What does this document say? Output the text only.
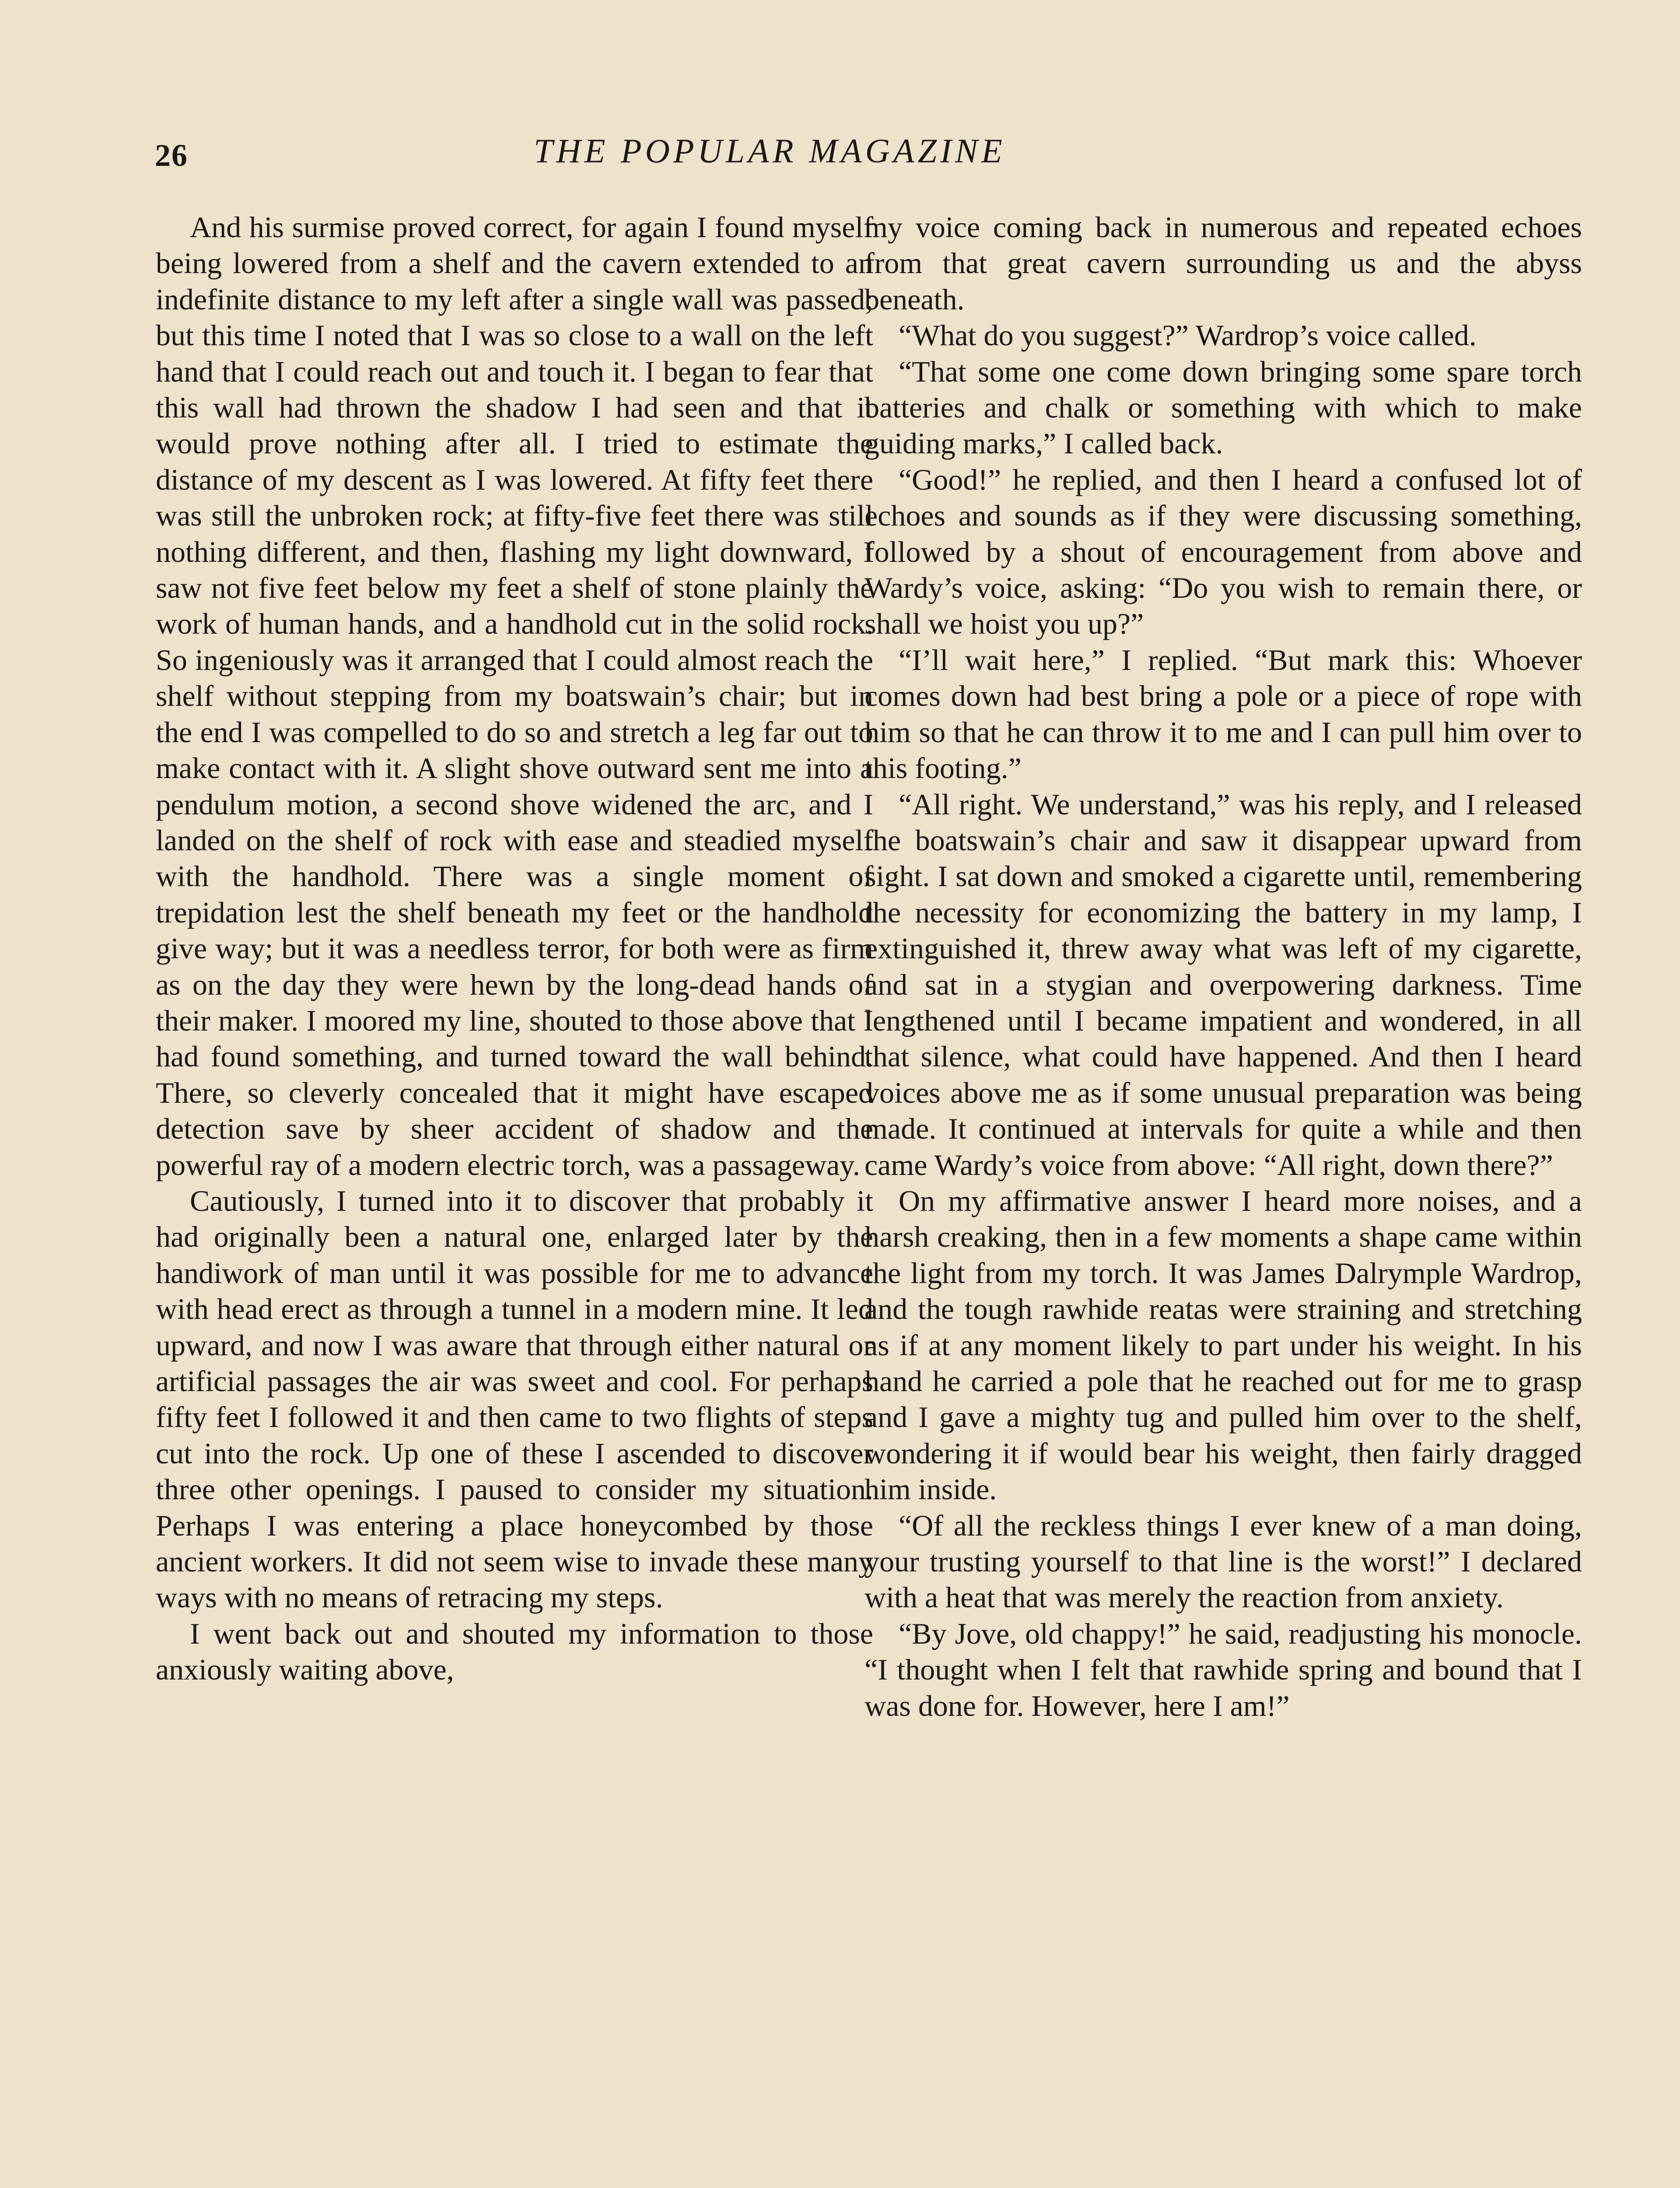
26	THE POPULAR MAGAZINE

And his surmise proved correct, for again I found myself being lowered from a shelf and the cavern extended to an indefinite distance to my left after a single wall was passed; but this time I noted that I was so close to a wall on the left hand that I could reach out and touch it. I began to fear that this wall had thrown the shadow I had seen and that it would prove nothing after all. I tried to estimate the distance of my descent as I was lowered. At fifty feet there was still the unbroken rock; at fifty-five feet there was still nothing different, and then, flashing my light downward, I saw not five feet below my feet a shelf of stone plainly the work of human hands, and a handhold cut in the solid rock. So ingeniously was it arranged that I could almost reach the shelf without stepping from my boatswain’s chair; but in the end I was compelled to do so and stretch a leg far out to make contact with it. A slight shove outward sent me into a pendulum motion, a second shove widened the arc, and I landed on the shelf of rock with ease and steadied myself with the handhold. There was a single moment of trepidation lest the shelf beneath my feet or the handhold give way; but it was a needless terror, for both were as firm as on the day they were hewn by the long-dead hands of their maker. I moored my line, shouted to those above that I had found something, and turned toward the wall behind. There, so cleverly concealed that it might have escaped detection save by sheer accident of shadow and the powerful ray of a modern electric torch, was a passageway.

Cautiously, I turned into it to discover that probably it had originally been a natural one, enlarged later by the handiwork of man until it was possible for me to advance with head erect as through a tunnel in a modern mine. It led upward, and now I was aware that through either natural or artificial passages the air was sweet and cool. For perhaps fifty feet I followed it and then came to two flights of steps cut into the rock. Up one of these I ascended to discover three other openings. I paused to consider my situation. Perhaps I was entering a place honeycombed by those ancient workers. It did not seem wise to invade these many ways with no means of retracing my steps.

I went back out and shouted my information to those anxiously waiting above,

my voice coming back in numerous and repeated echoes from that great cavern surrounding us and the abyss beneath.

“What do you suggest?” Wardrop’s voice called.

“That some one come down bringing some spare torch batteries and chalk or something with which to make guiding marks,” I called back.

“Good!” he replied, and then I heard a confused lot of echoes and sounds as if they were discussing something, followed by a shout of encouragement from above and Wardy’s voice, asking: “Do you wish to remain there, or shall we hoist you up?”

“I’ll wait here,” I replied. “But mark this: Whoever comes down had best bring a pole or a piece of rope with him so that he can throw it to me and I can pull him over to this footing.”

“All right. We understand,” was his reply, and I released the boatswain’s chair and saw it disappear upward from sight. I sat down and smoked a cigarette until, remembering the necessity for economizing the battery in my lamp, I extinguished it, threw away what was left of my cigarette, and sat in a stygian and overpowering darkness. Time lengthened until I became impatient and wondered, in all that silence, what could have happened. And then I heard voices above me as if some unusual preparation was being made. It continued at intervals for quite a while and then came Wardy’s voice from above: “All right, down there?”

On my affirmative answer I heard more noises, and a harsh creaking, then in a few moments a shape came within the light from my torch. It was James Dalrymple Wardrop, and the tough rawhide reatas were straining and stretching as if at any moment likely to part under his weight. In his hand he carried a pole that he reached out for me to grasp and I gave a mighty tug and pulled him over to the shelf, wondering it if would bear his weight, then fairly dragged him inside.

“Of all the reckless things I ever knew of a man doing, your trusting yourself to that line is the worst!” I declared with a heat that was merely the reaction from anxiety.

“By Jove, old chappy!” he said, readjusting his monocle. “I thought when I felt that rawhide spring and bound that I was done for. However, here I am!”
